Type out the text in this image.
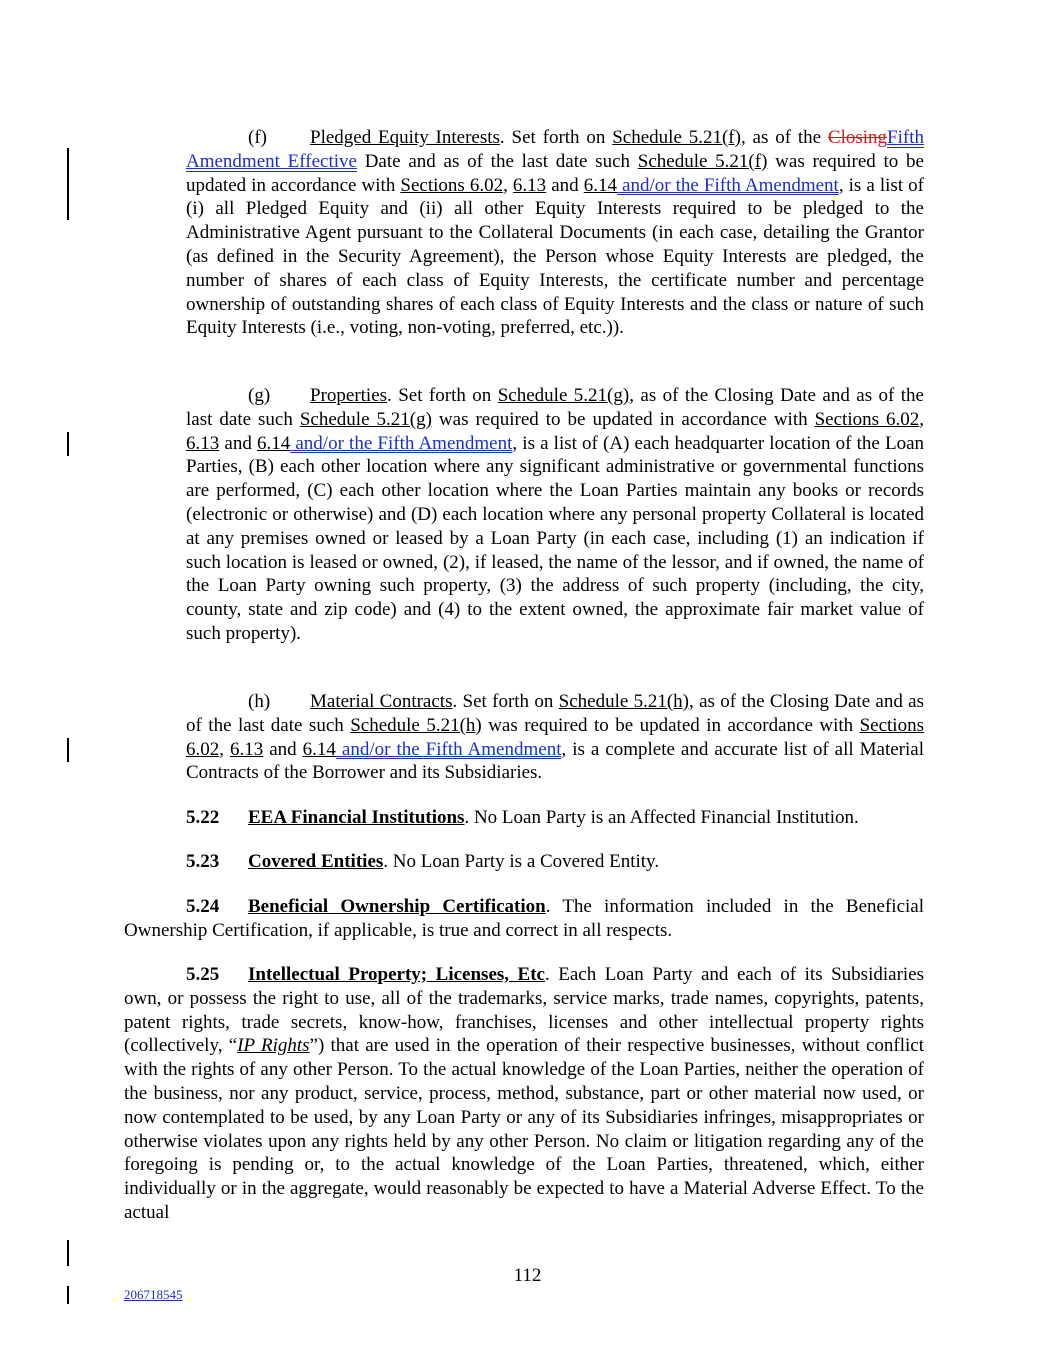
(f) Pledged Equity Interests. Set forth on Schedule 5.21(f), as of the ClosingFifth Amendment Effective Date and as of the last date such Schedule 5.21(f) was required to be updated in accordance with Sections 6.02, 6.13 and 6.14 and/or the Fifth Amendment, is a list of (i) all Pledged Equity and (ii) all other Equity Interests required to be pledged to the Administrative Agent pursuant to the Collateral Documents (in each case, detailing the Grantor (as defined in the Security Agreement), the Person whose Equity Interests are pledged, the number of shares of each class of Equity Interests, the certificate number and percentage ownership of outstanding shares of each class of Equity Interests and the class or nature of such Equity Interests (i.e., voting, non-voting, preferred, etc.)).

(g) Properties. Set forth on Schedule 5.21(g), as of the Closing Date and as of the last date such Schedule 5.21(g) was required to be updated in accordance with Sections 6.02, 6.13 and 6.14 and/or the Fifth Amendment, is a list of (A) each headquarter location of the Loan Parties, (B) each other location where any significant administrative or governmental functions are performed, (C) each other location where the Loan Parties maintain any books or records (electronic or otherwise) and (D) each location where any personal property Collateral is located at any premises owned or leased by a Loan Party (in each case, including (1) an indication if such location is leased or owned, (2), if leased, the name of the lessor, and if owned, the name of the Loan Party owning such property, (3) the address of such property (including, the city, county, state and zip code) and (4) to the extent owned, the approximate fair market value of such property).

(h) Material Contracts. Set forth on Schedule 5.21(h), as of the Closing Date and as of the last date such Schedule 5.21(h) was required to be updated in accordance with Sections 6.02, 6.13 and 6.14 and/or the Fifth Amendment, is a complete and accurate list of all Material Contracts of the Borrower and its Subsidiaries.

5.22 EEA Financial Institutions. No Loan Party is an Affected Financial Institution.

5.23 Covered Entities. No Loan Party is a Covered Entity.

5.24 Beneficial Ownership Certification. The information included in the Beneficial Ownership Certification, if applicable, is true and correct in all respects.

5.25 Intellectual Property; Licenses, Etc. Each Loan Party and each of its Subsidiaries own, or possess the right to use, all of the trademarks, service marks, trade names, copyrights, patents, patent rights, trade secrets, know-how, franchises, licenses and other intellectual property rights (collectively, “IP Rights”) that are used in the operation of their respective businesses, without conflict with the rights of any other Person. To the actual knowledge of the Loan Parties, neither the operation of the business, nor any product, service, process, method, substance, part or other material now used, or now contemplated to be used, by any Loan Party or any of its Subsidiaries infringes, misappropriates or otherwise violates upon any rights held by any other Person. No claim or litigation regarding any of the foregoing is pending or, to the actual knowledge of the Loan Parties, threatened, which, either individually or in the aggregate, would reasonably be expected to have a Material Adverse Effect. To the actual

112
206718545
